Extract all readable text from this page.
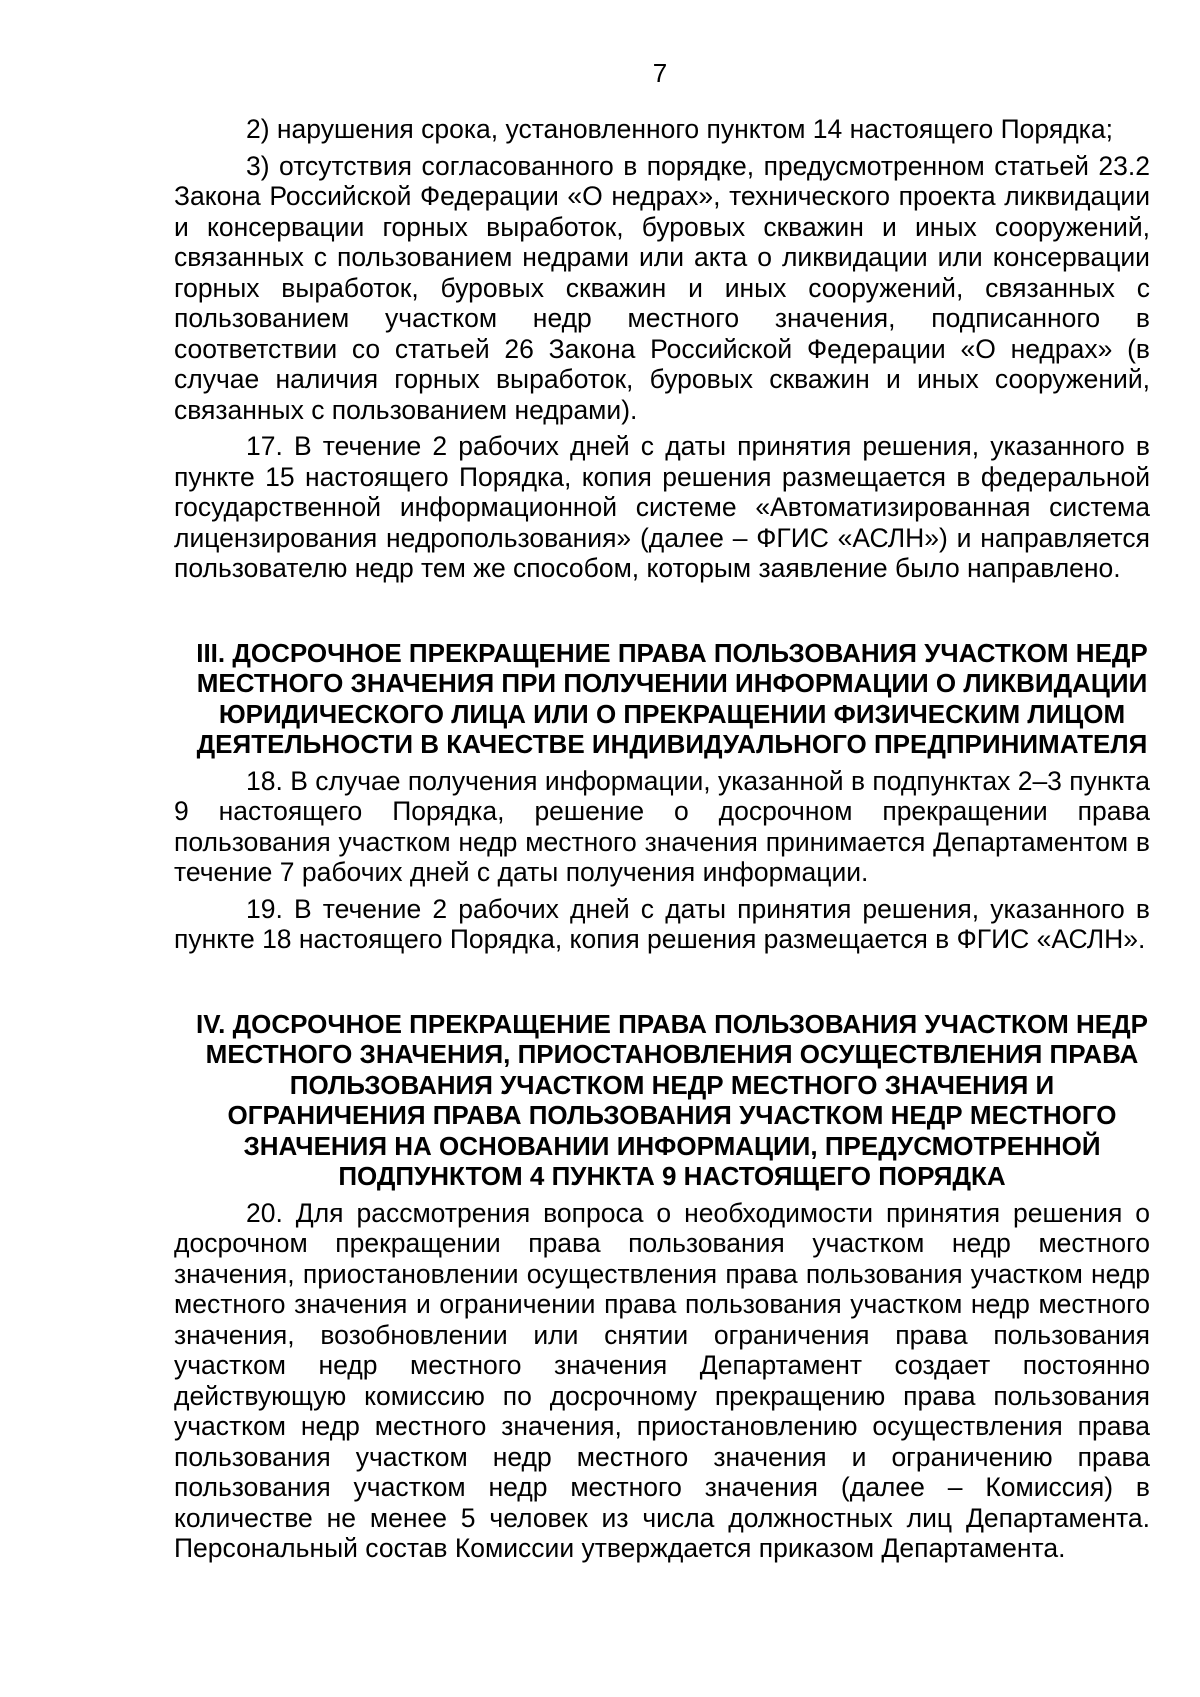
7

2) нарушения срока, установленного пунктом 14 настоящего Порядка;

3) отсутствия согласованного в порядке, предусмотренном статьей 23.2 Закона Российской Федерации «О недрах», технического проекта ликвидации и консервации горных выработок, буровых скважин и иных сооружений, связанных с пользованием недрами или акта о ликвидации или консервации горных выработок, буровых скважин и иных сооружений, связанных с пользованием участком недр местного значения, подписанного в соответствии со статьей 26 Закона Российской Федерации «О недрах» (в случае наличия горных выработок, буровых скважин и иных сооружений, связанных с пользованием недрами).

17. В течение 2 рабочих дней с даты принятия решения, указанного в пункте 15 настоящего Порядка, копия решения размещается в федеральной государственной информационной системе «Автоматизированная система лицензирования недропользования» (далее – ФГИС «АСЛН») и направляется пользователю недр тем же способом, которым заявление было направлено.

III. ДОСРОЧНОЕ ПРЕКРАЩЕНИЕ ПРАВА ПОЛЬЗОВАНИЯ УЧАСТКОМ НЕДР МЕСТНОГО ЗНАЧЕНИЯ ПРИ ПОЛУЧЕНИИ ИНФОРМАЦИИ О ЛИКВИДАЦИИ ЮРИДИЧЕСКОГО ЛИЦА ИЛИ О ПРЕКРАЩЕНИИ ФИЗИЧЕСКИМ ЛИЦОМ ДЕЯТЕЛЬНОСТИ В КАЧЕСТВЕ ИНДИВИДУАЛЬНОГО ПРЕДПРИНИМАТЕЛЯ

18. В случае получения информации, указанной в подпунктах 2–3 пункта 9 настоящего Порядка, решение о досрочном прекращении права пользования участком недр местного значения принимается Департаментом в течение 7 рабочих дней с даты получения информации.

19. В течение 2 рабочих дней с даты принятия решения, указанного в пункте 18 настоящего Порядка, копия решения размещается в ФГИС «АСЛН».

IV. ДОСРОЧНОЕ ПРЕКРАЩЕНИЕ ПРАВА ПОЛЬЗОВАНИЯ УЧАСТКОМ НЕДР МЕСТНОГО ЗНАЧЕНИЯ, ПРИОСТАНОВЛЕНИЯ ОСУЩЕСТВЛЕНИЯ ПРАВА ПОЛЬЗОВАНИЯ УЧАСТКОМ НЕДР МЕСТНОГО ЗНАЧЕНИЯ И ОГРАНИЧЕНИЯ ПРАВА ПОЛЬЗОВАНИЯ УЧАСТКОМ НЕДР МЕСТНОГО ЗНАЧЕНИЯ НА ОСНОВАНИИ ИНФОРМАЦИИ, ПРЕДУСМОТРЕННОЙ ПОДПУНКТОМ 4 ПУНКТА 9 НАСТОЯЩЕГО ПОРЯДКА

20. Для рассмотрения вопроса о необходимости принятия решения о досрочном прекращении права пользования участком недр местного значения, приостановлении осуществления права пользования участком недр местного значения и ограничении права пользования участком недр местного значения, возобновлении или снятии ограничения права пользования участком недр местного значения Департамент создает постоянно действующую комиссию по досрочному прекращению права пользования участком недр местного значения, приостановлению осуществления права пользования участком недр местного значения и ограничению права пользования участком недр местного значения (далее – Комиссия) в количестве не менее 5 человек из числа должностных лиц Департамента. Персональный состав Комиссии утверждается приказом Департамента.
